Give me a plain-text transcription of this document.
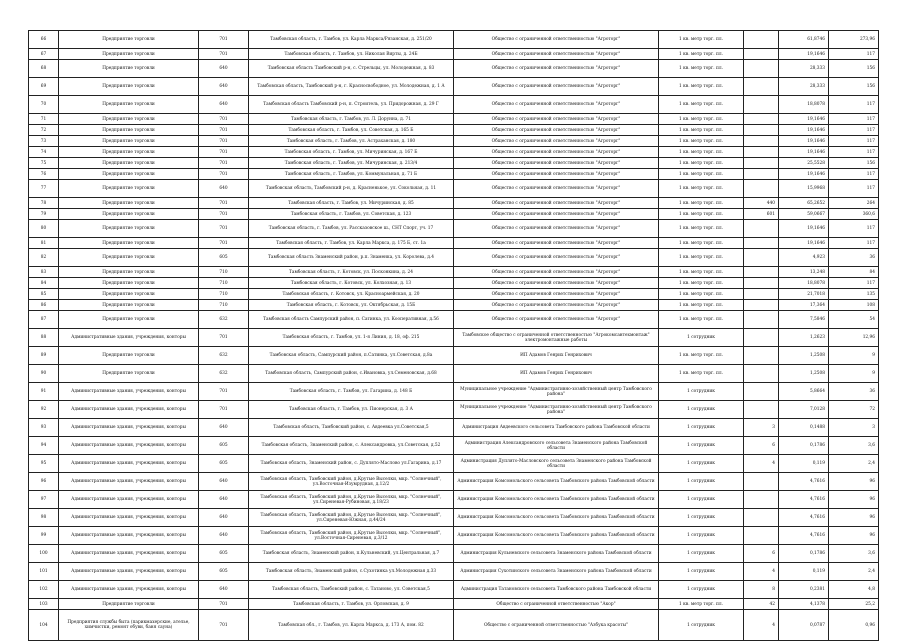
66	Предприятие торговли	701	Тамбовская область, г. Тамбов, ул. Карла Маркса/Рязанская, д. 251/20	Общество с ограниченной ответственностью "Агроторг"	1 кв. метр торг. пл.		61,8746	273,96
67	Предприятие торговли	701	Тамбовская область, г. Тамбов, ул. Николая Вирты, д. 24Б	Общество с ограниченной ответственностью "Агроторг"	1 кв. метр торг. пл.		19,1646	117
68	Предприятие торговли	640	Тамбовская область Тамбовский р-н, с. Стрельцы, ул. Молодежная, д. 83	Общество с ограниченной ответственностью "Агроторг"	1 кв. метр торг. пл.		28,333	156
69	Предприятие торговли	640	Тамбовская область, Тамбовский р-н, г. Красносвободное, ул. Молодежная, д. 1 А	Общество с ограниченной ответственностью "Агроторг"	1 кв. метр торг. пл.		28,333	156
70	Предприятие торговли	640	Тамбовская область Тамбовский р-н, п. Строитель, ул. Придорожная, д. 29 Г	Общество с ограниченной ответственностью "Агроторг"	1 кв. метр торг. пл.		18,8078	117
71	Предприятие торговли	701	Тамбовская область, г. Тамбов, ул. Л. Дорунна, д. 71	Общество с ограниченной ответственностью "Агроторг"	1 кв. метр торг. пл.		19,1646	117
72	Предприятие торговли	701	Тамбовская область, г. Тамбов, ул. Советская, д. 165 Б	Общество с ограниченной ответственностью "Агроторг"	1 кв. метр торг. пл.		19,1646	117
73	Предприятие торговли	701	Тамбовская область, г. Тамбов, ул. Астраханская, д. 180	Общество с ограниченной ответственностью "Агроторг"	1 кв. метр торг. пл.		19,1646	117
74	Предприятие торговли	701	Тамбовская область, г. Тамбов, ул. Мичуринская, д. 167 Б	Общество с ограниченной ответственностью "Агроторг"	1 кв. метр торг. пл.		19,1646	117
75	Предприятие торговли	701	Тамбовская область, г. Тамбов, ул. Мичуринская, д. 213/4	Общество с ограниченной ответственностью "Агроторг"	1 кв. метр торг. пл.		25,5528	156
76	Предприятие торговли	701	Тамбовская область, г. Тамбов, ул. Коммунальная, д. 71 Б	Общество с ограниченной ответственностью "Агроторг"	1 кв. метр торг. пл.		19,1646	117
77	Предприятие торговли	640	Тамбовская область, Тамбовский р-н, д. Красненькое, ул. Сокольная, д. 11	Общество с ограниченной ответственностью "Агроторг"	1 кв. метр торг. пл.		15,9968	117
78	Предприятие торговли	701	Тамбовская область, г. Тамбов, ул. Мичуринская, д. 85	Общество с ограниченной ответственностью "Агроторг"	1 кв. метр торг. пл.	440	65,2652	264
79	Предприятие торговли	701	Тамбовская область, г. Тамбов, ул. Советская, д. 123	Общество с ограниченной ответственностью "Агроторг"	1 кв. метр торг. пл.	601	59,0667	360,6
80	Предприятие торговли	701	Тамбовская область, г. Тамбов, ул. Рассказовское ш., СНТ Спорт, уч. 17	Общество с ограниченной ответственностью "Агроторг"	1 кв. метр торг. пл.		19,1646	117
81	Предприятие торговли	701	Тамбовская область, г. Тамбов, ул. Карла Маркса, д. 175 Б, ст. 1а	Общество с ограниченной ответственностью "Агроторг"	1 кв. метр торг. пл.		19,1646	117
82	Предприятие торговли	605	Тамбовская область Знаменский район, р.п. Знаменка, ул. Королева, д.4	Общество с ограниченной ответственностью "Агроторг"	1 кв. метр торг. пл.		4,923	36
83	Предприятие торговли	710	Тамбовская область, г. Котовск, ул. Посконкина, д. 24	Общество с ограниченной ответственностью "Агроторг"	1 кв. метр торг. пл.		13,248	84
84	Предприятие торговли	710	Тамбовская область, г. Котовск, ул. Колхозная, д. 13	Общество с ограниченной ответственностью "Агроторг"	1 кв. метр торг. пл.		18,8078	117
85	Предприятие торговли	710	Тамбовская область, г. Котовск, ул. Красноармейская, д. 20	Общество с ограниченной ответственностью "Агроторг"	1 кв. метр торг. пл.		21,7018	135
86	Предприятие торговли	710	Тамбовская область, г. Котовск, ул. Октябрьская, д. 15Б	Общество с ограниченной ответственностью "Агроторг"	1 кв. метр торг. пл.		17,364	108
87	Предприятие торговли	632	Тамбовская область Сампурский район, п. Сатинка, ул. Кооперативная, д.56	Общество с ограниченной ответственностью "Агроторг"	1 кв. метр торг. пл.		7,5846	54
88	Административные здания, учреждения, конторы	701	Тамбовская область, г. Тамбов, ул. 1-я Линия, д. 18, оф. 215	Тамбовское общество с ограниченной ответственностью "Агрокомсантехмонтаж" электромонтажные работы	1 сотрудник		1,2623	12,96
89	Предприятие торговли	632	Тамбовская область, Сампурский район, п.Сатинка, ул.Советская, д.8а	ИП Адамов Генрих Генрихович	1 кв. метр торг. пл.		1,2508	9
90	Предприятие торговли	632	Тамбовская область, Сампурский район, с.Ивановка, ул.Семеновская, д.68	ИП Адамов Генрих Генрихович	1 кв. метр торг. пл.		1,2508	9
91	Административные здания, учреждения, конторы	701	Тамбовская область, г. Тамбов, ул. Гагарина, д. 148 Б	Муниципальное учреждение "Административно-хозяйственный центр Тамбовского района"	1 сотрудник		5,8664	36
92	Административные здания, учреждения, конторы	701	Тамбовская область, г. Тамбов, ул. Пионерская, д. 3 А	Муниципальное учреждение "Административно-хозяйственный центр Тамбовского района"	1 сотрудник		7,0128	72
93	Административные здания, учреждения, конторы	640	Тамбовская область, Тамбовский район, с. Авдеевка ул.Советская,5	Администрация Авдеевского сельсовета Тамбовского района Тамбовской области	1 сотрудник	3	0,1488	3
94	Административные здания, учреждения, конторы	605	Тамбовская область, Знаменский район, с. Александровка, ул.Советская, д.52	Администрация Александровского сельсовета Знаменского района Тамбовской области	1 сотрудник	6	0,1786	3,6
95	Административные здания, учреждения, конторы	605	Тамбовская область, Знаменский район, с. Дуплято-Маслово ул.Гагарина, д.17	Администрация Дуплято-Масловского сельсовета Знаменского района Тамбовской области	1 сотрудник	4	0,119	2,4
96	Административные здания, учреждения, конторы	640	Тамбовская область, Тамбовский район, д.Крутые Выселки, мкр. "Солнечный", ул.Восточная-Изумрудная, д.12/2	Администрация Комсомольского сельсовета Тамбовского района Тамбовской области	1 сотрудник		4,7616	96
97	Административные здания, учреждения, конторы	640	Тамбовская область, Тамбовский район, д.Крутые Выселки, мкр. "Солнечный", ул.Сиреневая-Рубиновая, д.18/23	Администрация Комсомольского сельсовета Тамбовского района Тамбовской области	1 сотрудник		4,7616	96
98	Административные здания, учреждения, конторы	640	Тамбовская область, Тамбовский район, д.Крутые Выселки, мкр. "Солнечный", ул.Сиреневая-Южная, д.44/24	Администрация Комсомольского сельсовета Тамбовского района Тамбовской области	1 сотрудник		4,7616	96
99	Административные здания, учреждения, конторы	640	Тамбовская область, Тамбовский район, д.Крутые Выселки, мкр. "Солнечный", ул.Восточная-Сиреневая, д.3/12	Администрация Комсомольского сельсовета Тамбовского района Тамбовской области	1 сотрудник		4,7616	96
100	Административные здания, учреждения, конторы	605	Тамбовская область, Знаменский район, п.Кульневский, ул.Центральная, д.7	Администрация Кульневского сельсовета Знаменского района Тамбовской области	1 сотрудник	6	0,1786	3,6
101	Административные здания, учреждения, конторы	605	Тамбовская область, Знаменский район, с.Сухотинка ул.Молодежная д.33	Администрация Сухотинского сельсовета Знаменского района Тамбовской области	1 сотрудник	4	0,119	2,4
102	Административные здания, учреждения, конторы	640	Тамбовская область, Тамбовский район, с. Татаново, ул. Советская,5	Администрация Татановского сельсовета Тамбовского района Тамбовской области	1 сотрудник	8	0,2381	4,8
103	Предприятие торговли	701	Тамбовская область, г. Тамбов, ул. Орловская, д. 9	Общество с ограниченной ответственностью "Акор"	1 кв. метр торг. пл.	42	4,1378	25,2
104	Предприятия службы быта (парикмахерские, ателье, химчистки, ремонт обуви, баня сауна)	701	Тамбовская обл., г. Тамбов, ул. Карла Маркса, д. 173 А, пом. 82	Общество с ограниченной ответственностью "Азбука красоты"	1 сотрудник	4	0,0787	0,96
